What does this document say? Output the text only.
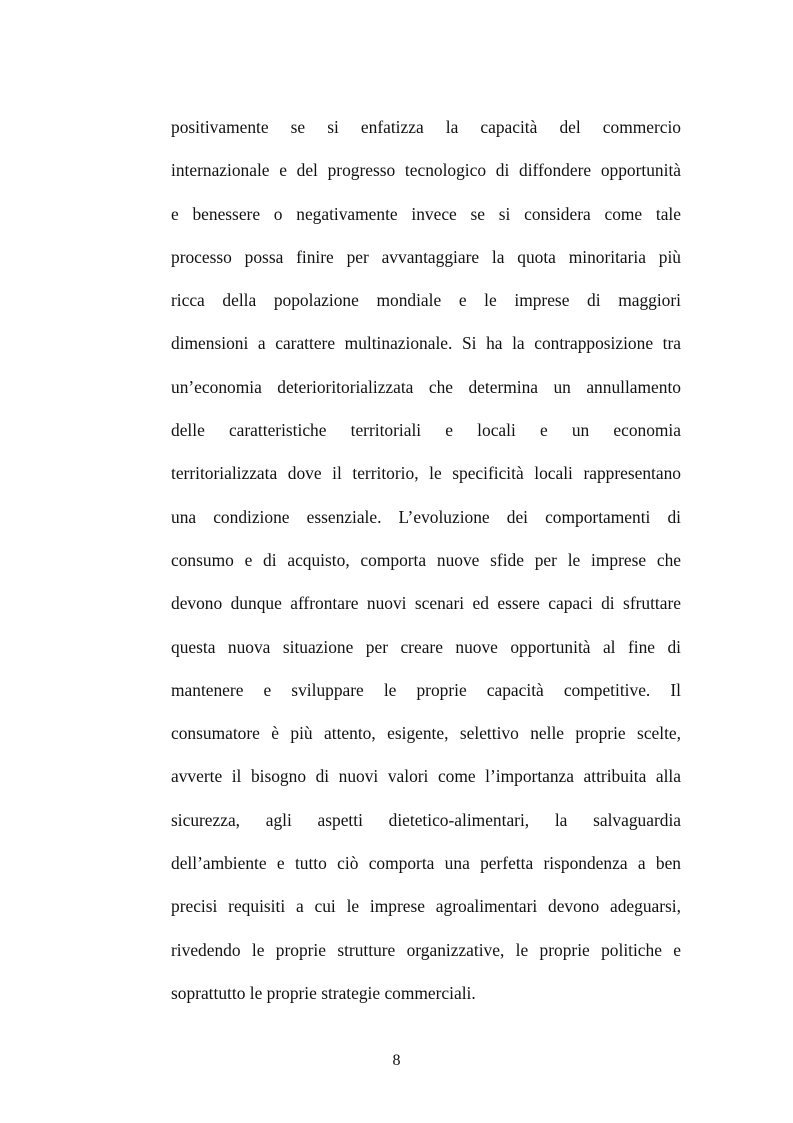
positivamente se si enfatizza la capacità del commercio
internazionale e del progresso tecnologico di diffondere opportunità
e benessere o negativamente invece se si considera come tale
processo possa finire per avvantaggiare la quota minoritaria più
ricca della popolazione mondiale e le imprese di maggiori
dimensioni a carattere multinazionale. Si ha la contrapposizione tra
un’economia deterioritorializzata che determina un annullamento
delle caratteristiche territoriali e locali e un economia
territorializzata dove il territorio, le specificità locali rappresentano
una condizione essenziale. L’evoluzione dei comportamenti di
consumo e di acquisto, comporta nuove sfide per le imprese che
devono dunque affrontare nuovi scenari ed essere capaci di sfruttare
questa nuova situazione per creare nuove opportunità al fine di
mantenere e sviluppare le proprie capacità competitive. Il
consumatore è più attento, esigente, selettivo nelle proprie scelte,
avverte il bisogno di nuovi valori come l’importanza attribuita alla
sicurezza, agli aspetti dietetico-alimentari, la salvaguardia
dell’ambiente e tutto ciò comporta una perfetta rispondenza a ben
precisi requisiti a cui le imprese agroalimentari devono adeguarsi,
rivedendo le proprie strutture organizzative, le proprie politiche e
soprattutto le proprie strategie commerciali.
8
